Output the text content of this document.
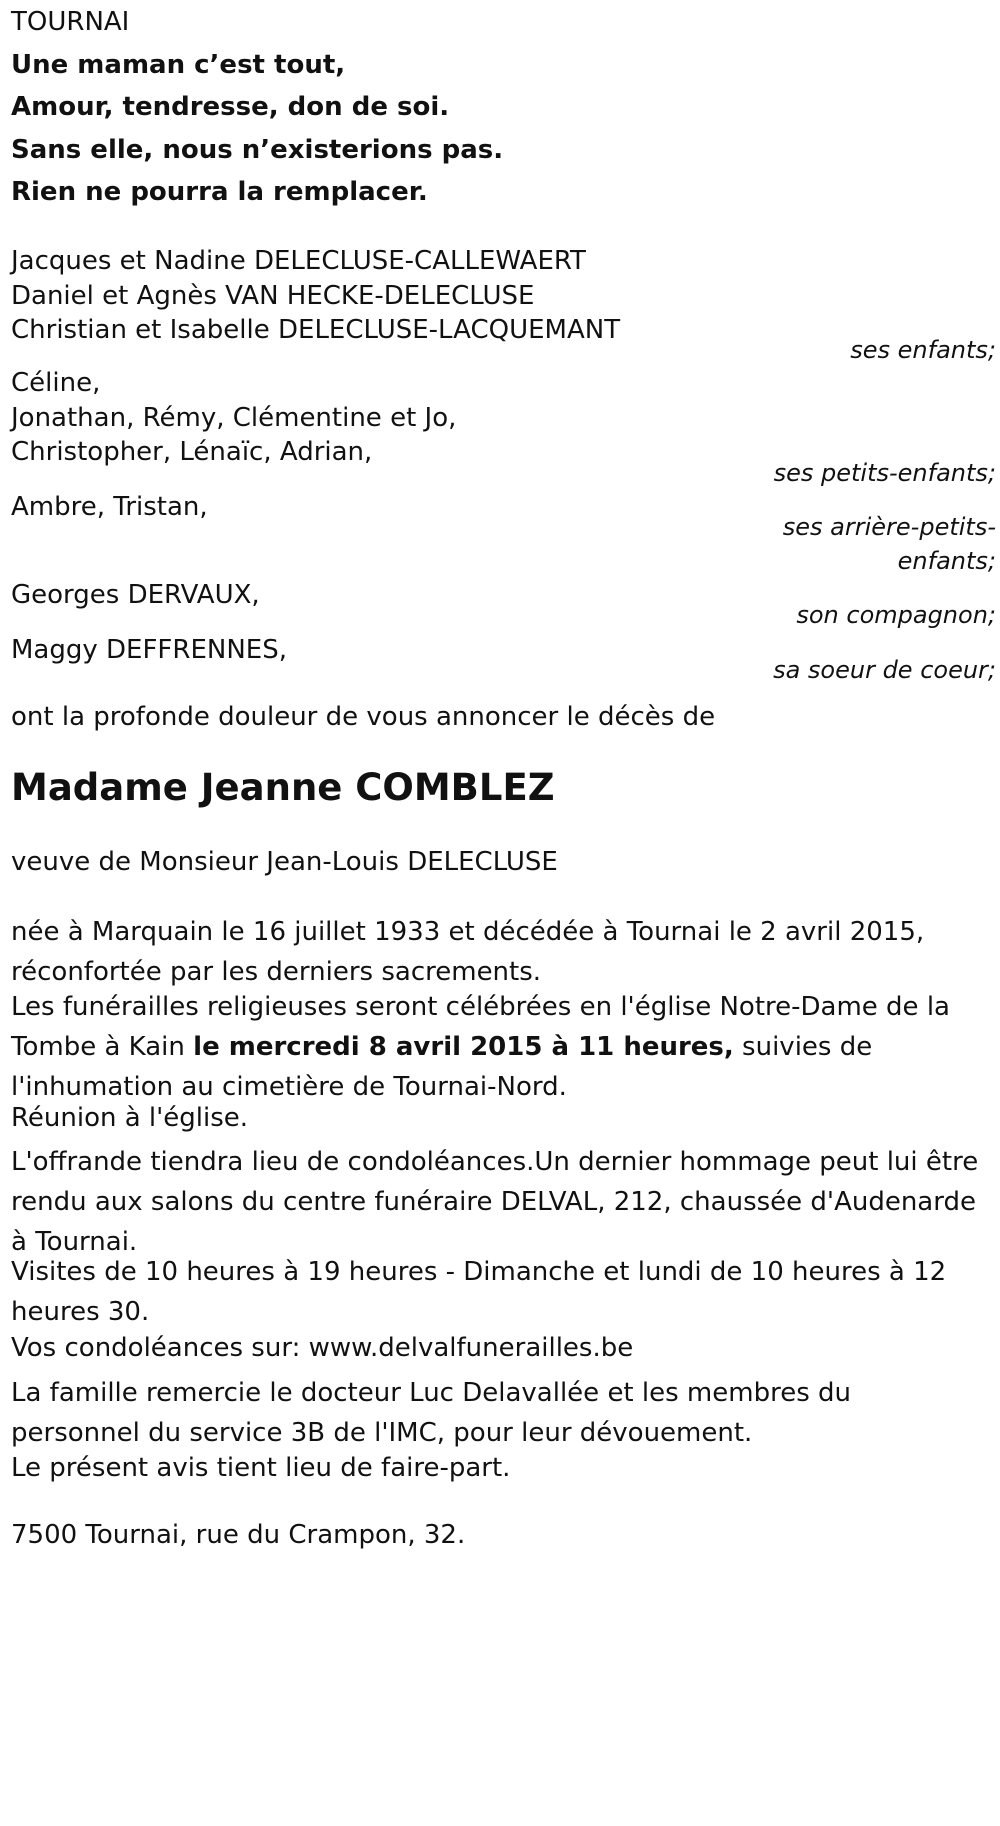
TOURNAI

Une maman c’est tout,

Amour, tendresse, don de soi.

Sans elle, nous n’existerions pas.

Rien ne pourra la remplacer.

Jacques et Nadine DELECLUSE-CALLEWAERT

Daniel et Agnès VAN HECKE-DELECLUSE

Christian et Isabelle DELECLUSE-LACQUEMANT

ses enfants;

Céline,

Jonathan, Rémy, Clémentine et Jo,

Christopher, Lénaïc, Adrian,

ses petits-enfants;

Ambre, Tristan,

ses arrière-petits-

enfants;

Georges DERVAUX,

son compagnon;

Maggy DEFFRENNES,

sa soeur de coeur;

ont la profonde douleur de vous annoncer le décès de

Madame Jeanne COMBLEZ

veuve de Monsieur Jean-Louis DELECLUSE

née à Marquain le 16 juillet 1933 et décédée à Tournai le 2 avril 2015, réconfortée par les derniers sacrements.

Les funérailles religieuses seront célébrées en l'église Notre-Dame de la Tombe à Kain le mercredi 8 avril 2015 à 11 heures, suivies de l'inhumation au cimetière de Tournai-Nord.

Réunion à l'église.

L'offrande tiendra lieu de condoléances.Un dernier hommage peut lui être rendu aux salons du centre funéraire DELVAL, 212, chaussée d'Audenarde à Tournai.

Visites de 10 heures à 19 heures - Dimanche et lundi de 10 heures à 12 heures 30.

Vos condoléances sur: www.delvalfunerailles.be

La famille remercie le docteur Luc Delavallée et les membres du personnel du service 3B de l'IMC, pour leur dévouement.

Le présent avis tient lieu de faire-part.

7500 Tournai, rue du Crampon, 32.
